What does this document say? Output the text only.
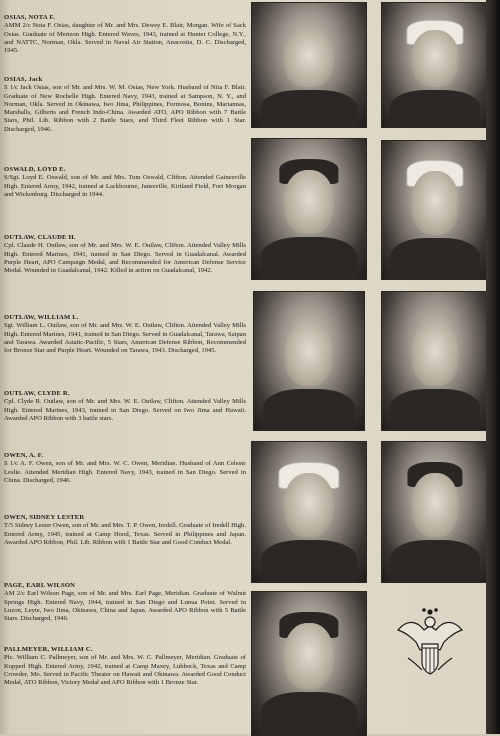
OSIAS, NOTA F.

AMM 2/c Nota F. Osias, daughter of Mr. and Mrs. Dewey E. Blair, Morgan. Wife of Sack Osias. Graduate of Mertzon High. Entered Waves, 1943, trained at Hunter College, N.Y., and NATTC, Norman, Okla. Served in Naval Air Station, Anacostia, D. C. Discharged, 1945.

OSIAS, Jack

S 1/c Jack Osias, son of Mr. and Mrs. W. M. Osias, New York. Husband of Nita F. Blair. Graduate of New Rochelle High. Entered Navy, 1943, trained at Sampson, N. Y., and Norman, Okla. Served in Okinawa, Iwo Jima, Philippines, Formosa, Bonins, Mariannas, Marshalls, Gilberts and French Indo-China. Awarded ATO, APO Ribbon with 7 Battle Stars, Phil. Lib. Ribbon with 2 Battle Stars, and Third Fleet Ribbon with 1 Star. Discharged, 1946.

OSWALD, LOYD E.

S/Sgt. Loyd E. Oswald, son of Mr. and Mrs. Tom Oswald, Clifton. Attended Gainesville High. Entered Army, 1942, trained at Lackbourne, Janesville, Kirtland Field, Fort Morgan and Wickenburg. Discharged in 1944.

OUTLAW, CLAUDE H.

Cpl. Claude H. Outlaw, son of Mr. and Mrs. W. E. Outlaw, Clifton. Attended Valley Mills High. Entered Marines, 1941, trained in San Diego. Served in Guadalcanal. Awarded Purple Heart, APO Campaign Medal, and Recommended for American Defense Service Medal. Wounded in Guadalcanal, 1942. Killed in action on Guadalcanal, 1942.

OUTLAW, WILLIAM L.

Sgt. William L. Outlaw, son of Mr. and Mrs. W. E. Outlaw, Clifton. Attended Valley Mills High. Entered Marines, 1941, trained in San Diego. Served in Guadalcanal, Tarawa, Saipan and Tarawa. Awarded Asiatic-Pacific, 5 Stars, American Defense Ribbon, Recommended for Bronze Star and Purple Heart. Wounded on Tarawa, 1943. Discharged, 1945.

OUTLAW, CLYDE R.

Cpl. Clyde R. Outlaw, son of Mr. and Mrs. W. E. Outlaw, Clifton. Attended Valley Mills High. Entered Marines, 1943, trained in San Diego. Served on Iwo Jima and Hawaii. Awarded APO Ribbon with 3 battle stars.

OWEN, A. F.

S 1/c A. F. Owen, son of Mr. and Mrs. W. C. Owen, Meridian. Husband of Ann Celeste Leslie. Attended Meridian High. Entered Navy, 1943, trained in San Diego. Served in China. Discharged, 1946.

OWEN, SIDNEY LESTER

T/5 Sidney Lester Owen, son of Mr. and Mrs. T. P. Owen, Iredell. Graduate of Iredell High. Entered Army, 1945, trained at Camp Hood, Texas. Served in Philippines and Japan. Awarded APO Ribbon, Phil. Lib. Ribbon with 1 Battle Star and Good Conduct Medal.

PAGE, EARL WILSON

AM 2/c Earl Wilson Page, son of Mr. and Mrs. Earl Page, Meridian. Graduate of Walnut Springs High. Entered Navy, 1944, trained in San Diego and Lunua Point. Served in Luzon, Leyte, Iwo Jima, Okinawa, China and Japan. Awarded APO Ribbon with 5 Battle Stars. Discharged, 1946.

PALLMEYER, WILLIAM C.

Pfc. William C. Pallmeyer, son of Mr. and Mrs. W. C. Pallmeyer, Meridian. Graduate of Kopperl High. Entered Army, 1942, trained at Camp Maxey, Lubbock, Texas and Camp Crowder, Mo. Served in Pacific Theater on Hawaii and Okinawa. Awarded Good Conduct Medal, ATO Ribbon, Victory Medal and APO Ribbon with 1 Bronze Star.
